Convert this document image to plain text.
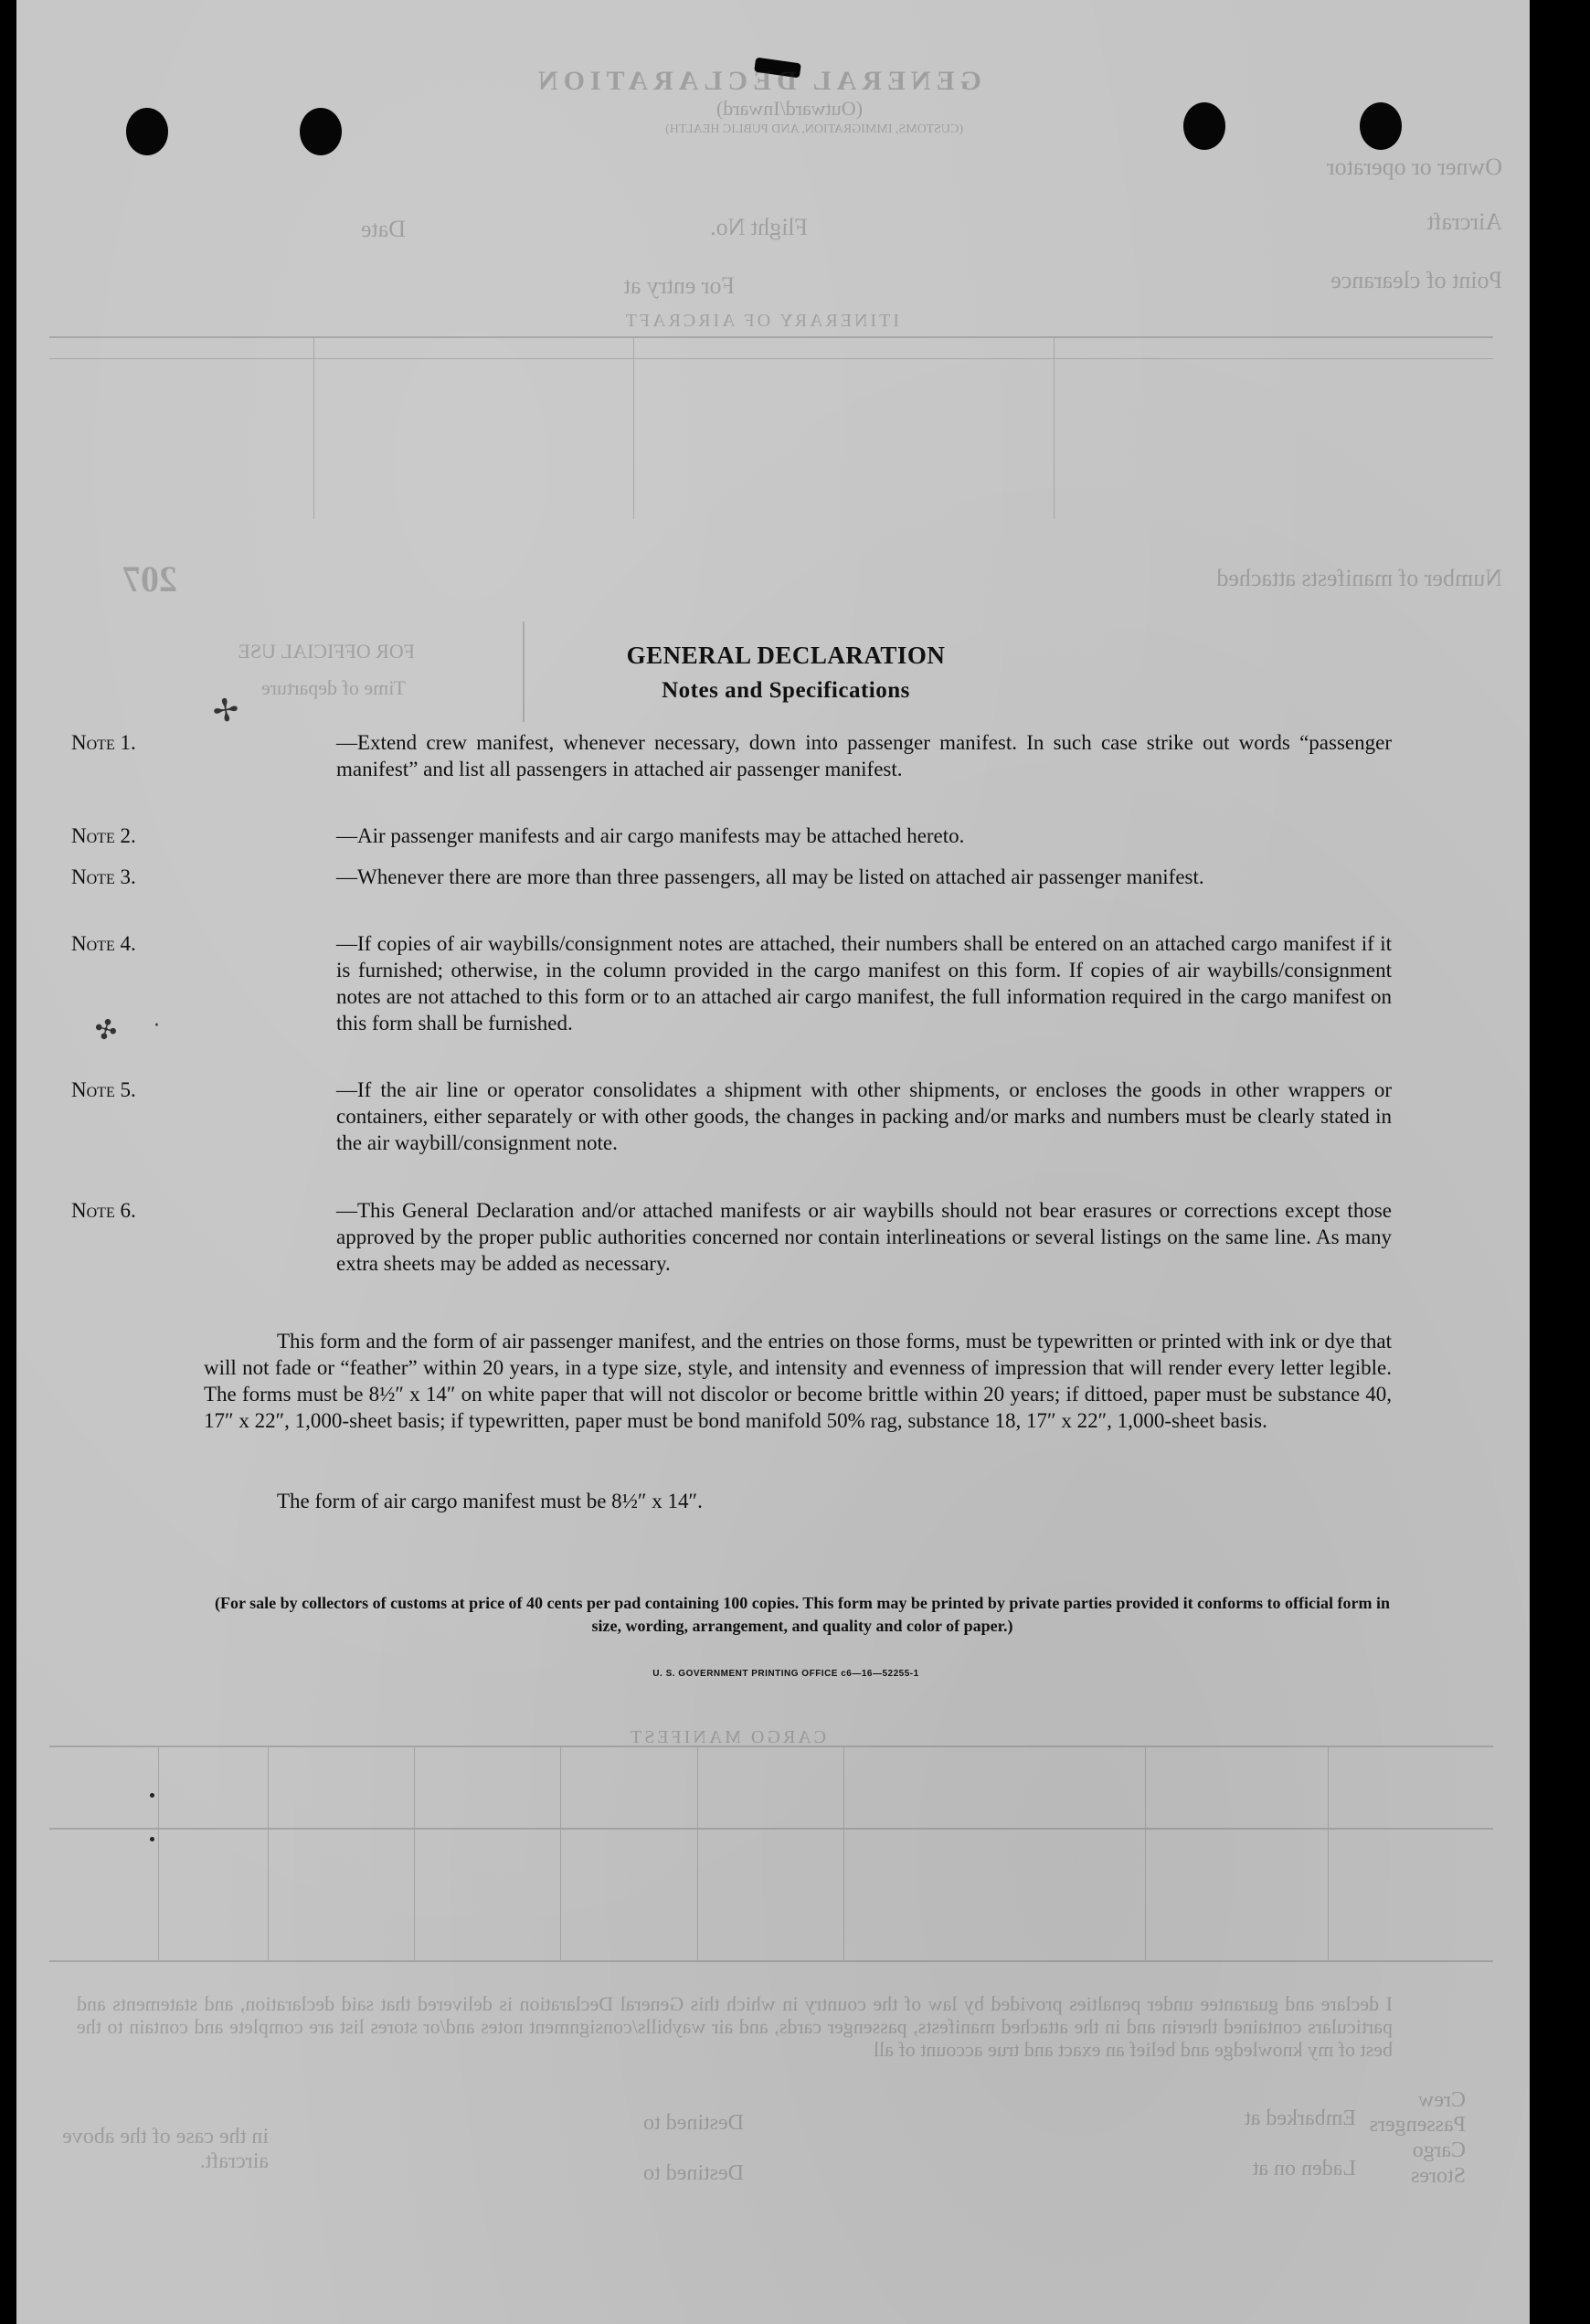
GENERAL DECLARATION
(Outward/Inward)
(CUSTOMS, IMMIGRATION, AND PUBLIC HEALTH)
Owner or operator
Aircraft
Flight No.
Date
Point of clearance
For entry at
ITINERARY OF AIRCRAFT
Number of manifests attached
207
FOR OFFICIAL USE
Time of departure
CARGO MANIFEST
I declare and guarantee under penalties provided by law of the country in which this General Declaration is delivered that said declaration, and statements and particulars contained therein and in the attached manifests, passenger cards, and air waybills/consignment notes and/or stores list are complete and contain to the best of my knowledge and belief an exact and true account of all
Crew
Passengers
Cargo
Stores
Embarked at
Destined to
Laden on at
Destined to
in the case of the above aircraft.
✢
✣ ·
GENERAL DECLARATION
Notes and Specifications
Note 1.	—Extend crew manifest, whenever necessary, down into passenger manifest. In such case strike out words “passenger manifest” and list all passengers in attached air passenger manifest.
Note 2.	—Air passenger manifests and air cargo manifests may be attached hereto.
Note 3.	—Whenever there are more than three passengers, all may be listed on attached air passenger manifest.
Note 4.	—If copies of air waybills/consignment notes are attached, their numbers shall be entered on an attached cargo manifest if it is furnished; otherwise, in the column provided in the cargo manifest on this form. If copies of air waybills/consignment notes are not attached to this form or to an attached air cargo manifest, the full information required in the cargo manifest on this form shall be furnished.
Note 5.	—If the air line or operator consolidates a shipment with other shipments, or encloses the goods in other wrappers or containers, either separately or with other goods, the changes in packing and/or marks and numbers must be clearly stated in the air waybill/consignment note.
Note 6.	—This General Declaration and/or attached manifests or air waybills should not bear erasures or corrections except those approved by the proper public authorities concerned nor contain interlineations or several listings on the same line. As many extra sheets may be added as necessary.
This form and the form of air passenger manifest, and the entries on those forms, must be typewritten or printed with ink or dye that will not fade or “feather” within 20 years, in a type size, style, and intensity and evenness of impression that will render every letter legible. The forms must be 8½″ x 14″ on white paper that will not discolor or become brittle within 20 years; if dittoed, paper must be substance 40, 17″ x 22″, 1,000-sheet basis; if typewritten, paper must be bond manifold 50% rag, substance 18, 17″ x 22″, 1,000-sheet basis.
The form of air cargo manifest must be 8½″ x 14″.
(For sale by collectors of customs at price of 40 cents per pad containing 100 copies. This form may be printed by private parties provided it conforms to official form in size, wording, arrangement, and quality and color of paper.)
U. S. GOVERNMENT PRINTING OFFICE c6—16—52255-1
